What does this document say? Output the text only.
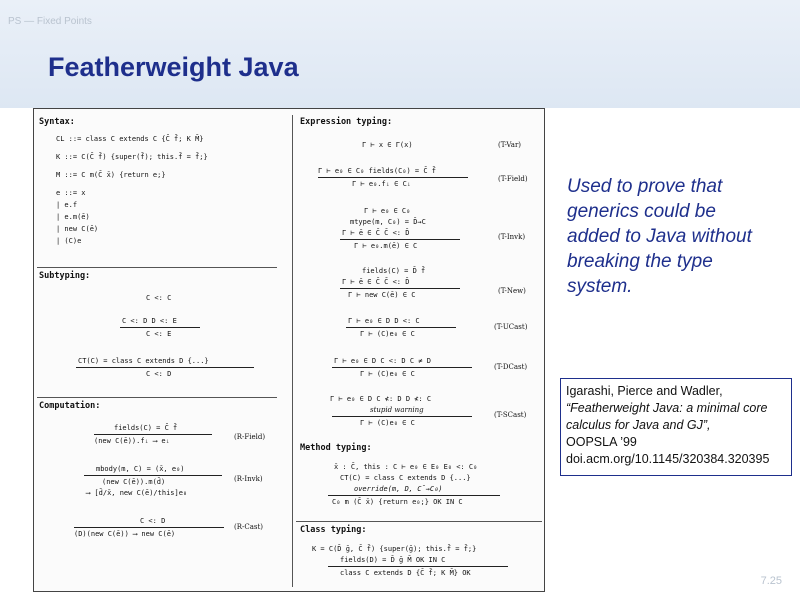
PS — Fixed Points
Featherweight Java
Syntax:
CL ::= class C extends C {C̄ f̄; K M̄}
K ::= C(C̄ f̄) {super(f̄); this.f̄ = f̄;}
M ::= C m(C̄ x̄) {return e;}
e ::= x
| e.f
| e.m(ē)
| new C(ē)
| (C)e
Subtyping:
C <: C
C <: D D <: E
C <: E
CT(C) = class C extends D {...}
C <: D
Computation:
fields(C) = C̄ f̄
(new C(ē)).fᵢ ⟶ eᵢ	(R-Field)
mbody(m, C) = (x̄, e₀)
(new C(ē)).m(d̄)
⟶ [d̄/x̄, new C(ē)/this]e₀
(R-Invk)
C <: D
(D)(new C(ē)) ⟶ new C(ē)
(R-Cast)
Expression typing:
Γ ⊢ x ∈ Γ(x)	(T-Var)
Γ ⊢ e₀ ∈ C₀ fields(C₀) = C̄ f̄
Γ ⊢ e₀.fᵢ ∈ Cᵢ
(T-Field)
Γ ⊢ e₀ ∈ C₀
mtype(m, C₀) = D̄→C
Γ ⊢ ē ∈ C̄ C̄ <: D̄
Γ ⊢ e₀.m(ē) ∈ C
(T-Invk)
fields(C) = D̄ f̄
Γ ⊢ ē ∈ C̄ C̄ <: D̄
Γ ⊢ new C(ē) ∈ C	(T-New)
Γ ⊢ e₀ ∈ D D <: C
Γ ⊢ (C)e₀ ∈ C
(T-UCast)
Γ ⊢ e₀ ∈ D C <: D C ≠ D
Γ ⊢ (C)e₀ ∈ C
(T-DCast)
Γ ⊢ e₀ ∈ D C ≮: D D ≮: C
stupid warning
Γ ⊢ (C)e₀ ∈ C
(T-SCast)
Method typing:
x̄ : C̄, this : C ⊢ e₀ ∈ E₀ E₀ <: C₀
CT(C) = class C extends D {...}
override(m, D, C̄→C₀)
C₀ m (C̄ x̄) {return e₀;} OK IN C
Class typing:
K = C(D̄ ḡ, C̄ f̄) {super(ḡ); this.f̄ = f̄;}
fields(D) = D̄ ḡ M̄ OK IN C
class C extends D {C̄ f̄; K M̄} OK
Used to prove that generics could be added to Java without breaking the type system.
Igarashi, Pierce and Wadler,
“Featherweight Java: a minimal core calculus for Java and GJ”,
OOPSLA ’99
doi.acm.org/10.1145/320384.320395
7.25
